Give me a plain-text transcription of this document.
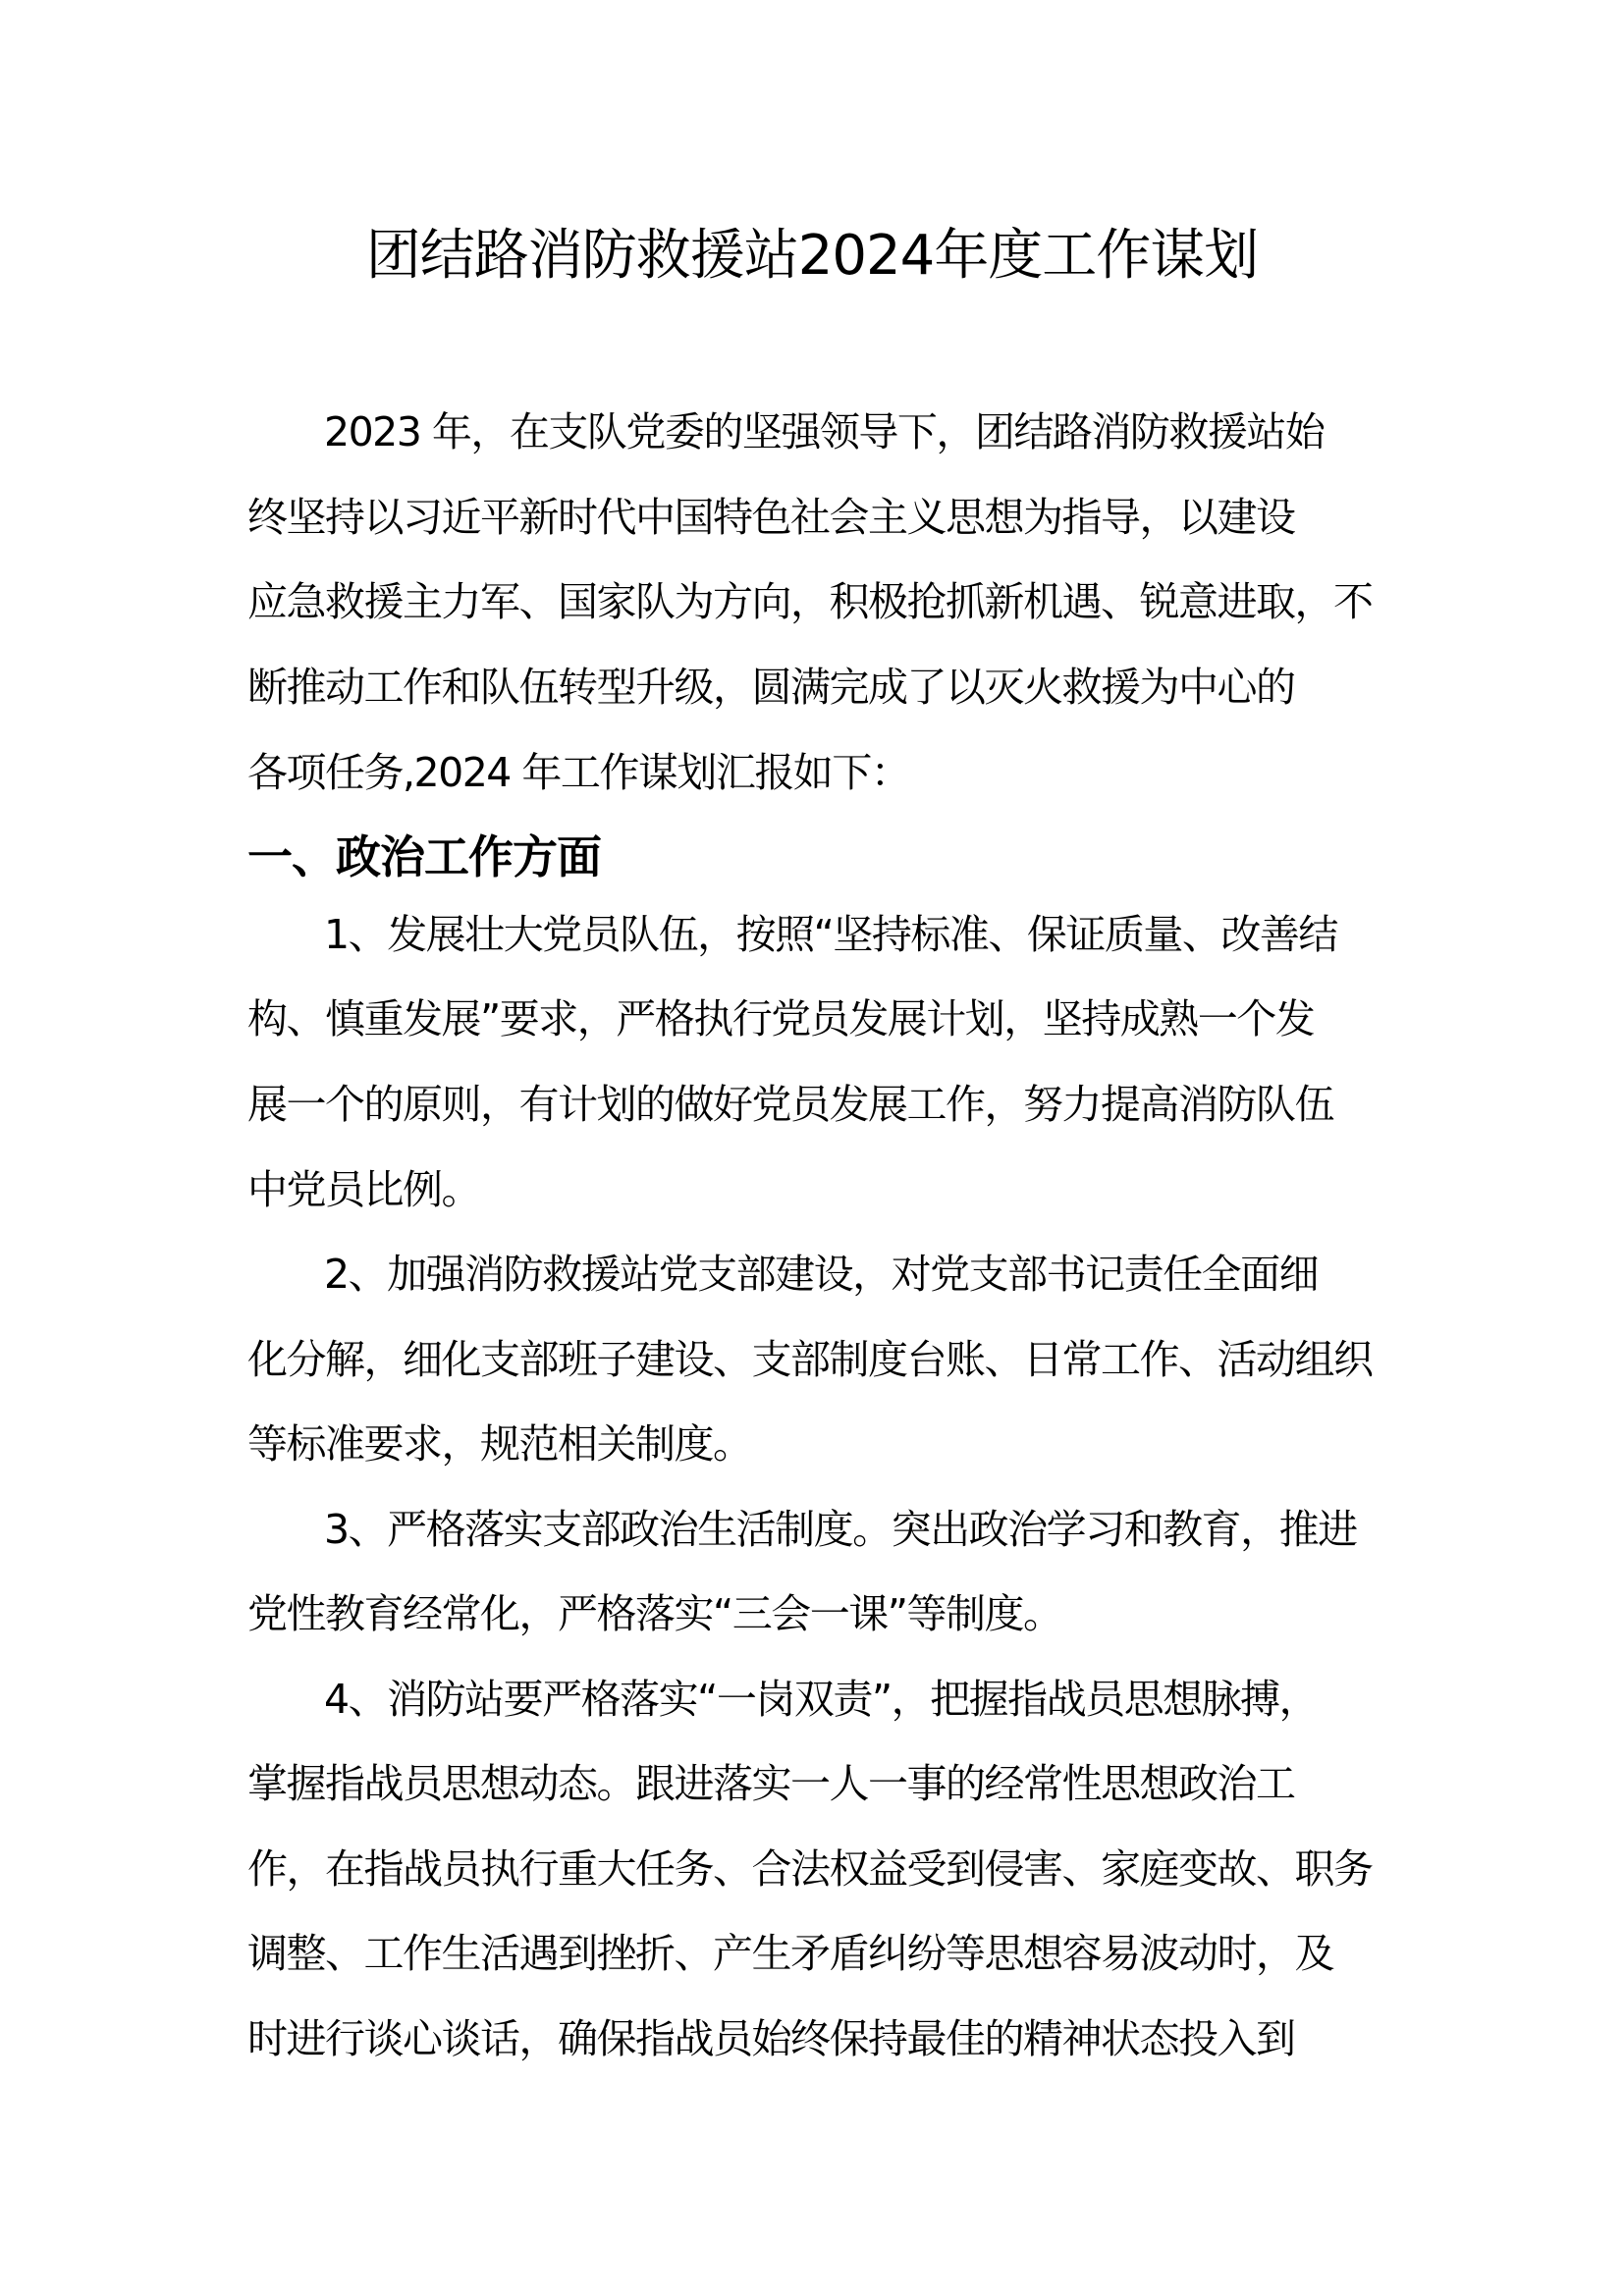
团结路消防救援站2024年度工作谋划
2023 年，在支队党委的坚强领导下，团结路消防救援站始
终坚持以习近平新时代中国特色社会主义思想为指导，以建设
应急救援主力军、国家队为方向，积极抢抓新机遇、锐意进取，不
断推动工作和队伍转型升级，圆满完成了以灭火救援为中心的
各项任务,2024 年工作谋划汇报如下：
一、政治工作方面
1、发展壮大党员队伍，按照“坚持标准、保证质量、改善结
构、慎重发展”要求，严格执行党员发展计划，坚持成熟一个发
展一个的原则，有计划的做好党员发展工作，努力提高消防队伍
中党员比例。
2、加强消防救援站党支部建设，对党支部书记责任全面细
化分解，细化支部班子建设、支部制度台账、日常工作、活动组织
等标准要求，规范相关制度。
3、严格落实支部政治生活制度。突出政治学习和教育，推进
党性教育经常化，严格落实“三会一课”等制度。
4、消防站要严格落实“一岗双责”，把握指战员思想脉搏，
掌握指战员思想动态。跟进落实一人一事的经常性思想政治工
作，在指战员执行重大任务、合法权益受到侵害、家庭变故、职务
调整、工作生活遇到挫折、产生矛盾纠纷等思想容易波动时，及
时进行谈心谈话，确保指战员始终保持最佳的精神状态投入到
